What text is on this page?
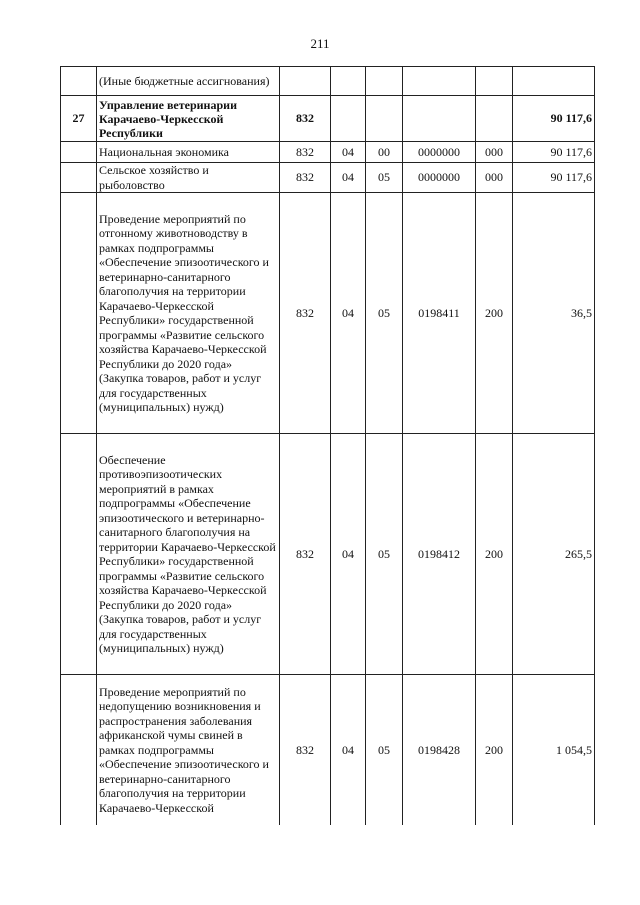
211
	(Иные бюджетные ассигнования)						
27	Управление ветеринарии Карачаево-Черкесской Республики	832					90 117,6
	Национальная экономика	832	04	00	0000000	000	90 117,6
	Сельское хозяйство и рыболовство	832	04	05	0000000	000	90 117,6
	Проведение мероприятий по отгонному животноводству в рамках подпрограммы «Обеспечение эпизоотического и ветеринарно-санитарного благополучия на территории Карачаево-Черкесской Республики» государственной программы «Развитие сельского хозяйства Карачаево-Черкесской Республики до 2020 года» (Закупка товаров, работ и услуг для государственных (муниципальных) нужд)	832	04	05	0198411	200	36,5
	Обеспечение противоэпизоотических мероприятий в рамках подпрограммы «Обеспечение эпизоотического и ветеринарно-санитарного благополучия на территории Карачаево-Черкесской Республики» государственной программы «Развитие сельского хозяйства Карачаево-Черкесской Республики до 2020 года» (Закупка товаров, работ и услуг для государственных (муниципальных) нужд)	832	04	05	0198412	200	265,5
	Проведение мероприятий по недопущению возникновения и распространения заболевания африканской чумы свиней в рамках подпрограммы «Обеспечение эпизоотического и ветеринарно-санитарного благополучия на территории Карачаево-Черкесской	832	04	05	0198428	200	1 054,5
